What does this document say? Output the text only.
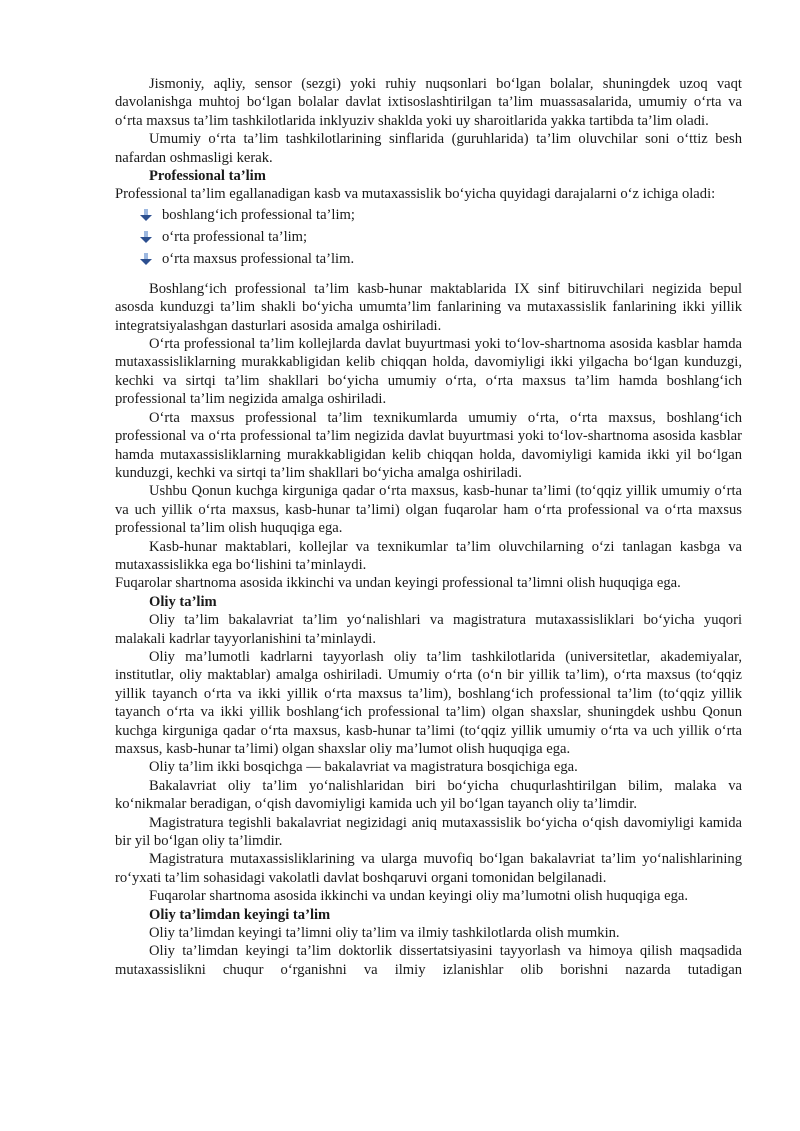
Jismoniy, aqliy, sensor (sezgi) yoki ruhiy nuqsonlari bo‘lgan bolalar, shuningdek uzoq vaqt davolanishga muhtoj bo‘lgan bolalar davlat ixtisoslashtirilgan ta’lim muassasalarida, umumiy o‘rta va o‘rta maxsus ta’lim tashkilotlarida inklyuziv shaklda yoki uy sharoitlarida yakka tartibda ta’lim oladi.

Umumiy o‘rta ta’lim tashkilotlarining sinflarida (guruhlarida) ta’lim oluvchilar soni o‘ttiz besh nafardan oshmasligi kerak.

Professional ta’lim

Professional ta’lim egallanadigan kasb va mutaxassislik bo‘yicha quyidagi darajalarni o‘z ichiga oladi:

boshlang‘ich professional ta’lim;
o‘rta professional ta’lim;
o‘rta maxsus professional ta’lim.

Boshlang‘ich professional ta’lim kasb-hunar maktablarida IX sinf bitiruvchilari negizida bepul asosda kunduzgi ta’lim shakli bo‘yicha umumta’lim fanlarining va mutaxassislik fanlarining ikki yillik integratsiyalashgan dasturlari asosida amalga oshiriladi.

O‘rta professional ta’lim kollejlarda davlat buyurtmasi yoki to‘lov-shartnoma asosida kasblar hamda mutaxassisliklarning murakkabligidan kelib chiqqan holda, davomiyligi ikki yilgacha bo‘lgan kunduzgi, kechki va sirtqi ta’lim shakllari bo‘yicha umumiy o‘rta, o‘rta maxsus ta’lim hamda boshlang‘ich professional ta’lim negizida amalga oshiriladi.

O‘rta maxsus professional ta’lim texnikumlarda umumiy o‘rta, o‘rta maxsus, boshlang‘ich professional va o‘rta professional ta’lim negizida davlat buyurtmasi yoki to‘lov-shartnoma asosida kasblar hamda mutaxassisliklarning murakkabligidan kelib chiqqan holda, davomiyligi kamida ikki yil bo‘lgan kunduzgi, kechki va sirtqi ta’lim shakllari bo‘yicha amalga oshiriladi.

Ushbu Qonun kuchga kirguniga qadar o‘rta maxsus, kasb-hunar ta’limi (to‘qqiz yillik umumiy o‘rta va uch yillik o‘rta maxsus, kasb-hunar ta’limi) olgan fuqarolar ham o‘rta professional va o‘rta maxsus professional ta’lim olish huquqiga ega.

Kasb-hunar maktablari, kollejlar va texnikumlar ta’lim oluvchilarning o‘zi tanlagan kasbga va mutaxassislikka ega bo‘lishini ta’minlaydi.

Fuqarolar shartnoma asosida ikkinchi va undan keyingi professional ta’limni olish huquqiga ega.

Oliy ta’lim

Oliy ta’lim bakalavriat ta’lim yo‘nalishlari va magistratura mutaxassisliklari bo‘yicha yuqori malakali kadrlar tayyorlanishini ta’minlaydi.

Oliy ma’lumotli kadrlarni tayyorlash oliy ta’lim tashkilotlarida (universitetlar, akademiyalar, institutlar, oliy maktablar) amalga oshiriladi. Umumiy o‘rta (o‘n bir yillik ta’lim), o‘rta maxsus (to‘qqiz yillik tayanch o‘rta va ikki yillik o‘rta maxsus ta’lim), boshlang‘ich professional ta’lim (to‘qqiz yillik tayanch o‘rta va ikki yillik boshlang‘ich professional ta’lim) olgan shaxslar, shuningdek ushbu Qonun kuchga kirguniga qadar o‘rta maxsus, kasb-hunar ta’limi (to‘qqiz yillik umumiy o‘rta va uch yillik o‘rta maxsus, kasb-hunar ta’limi) olgan shaxslar oliy ma’lumot olish huquqiga ega.

Oliy ta’lim ikki bosqichga — bakalavriat va magistratura bosqichiga ega.

Bakalavriat oliy ta’lim yo‘nalishlaridan biri bo‘yicha chuqurlashtirilgan bilim, malaka va ko‘nikmalar beradigan, o‘qish davomiyligi kamida uch yil bo‘lgan tayanch oliy ta’limdir.

Magistratura tegishli bakalavriat negizidagi aniq mutaxassislik bo‘yicha o‘qish davomiyligi kamida bir yil bo‘lgan oliy ta’limdir.

Magistratura mutaxassisliklarining va ularga muvofiq bo‘lgan bakalavriat ta’lim yo‘nalishlarining ro‘yxati ta’lim sohasidagi vakolatli davlat boshqaruvi organi tomonidan belgilanadi.

Fuqarolar shartnoma asosida ikkinchi va undan keyingi oliy ma’lumotni olish huquqiga ega.

Oliy ta’limdan keyingi ta’lim

Oliy ta’limdan keyingi ta’limni oliy ta’lim va ilmiy tashkilotlarda olish mumkin.

Oliy ta’limdan keyingi ta’lim doktorlik dissertatsiyasini tayyorlash va himoya qilish maqsadida mutaxassislikni chuqur o‘rganishni va ilmiy izlanishlar olib borishni nazarda tutadigan
